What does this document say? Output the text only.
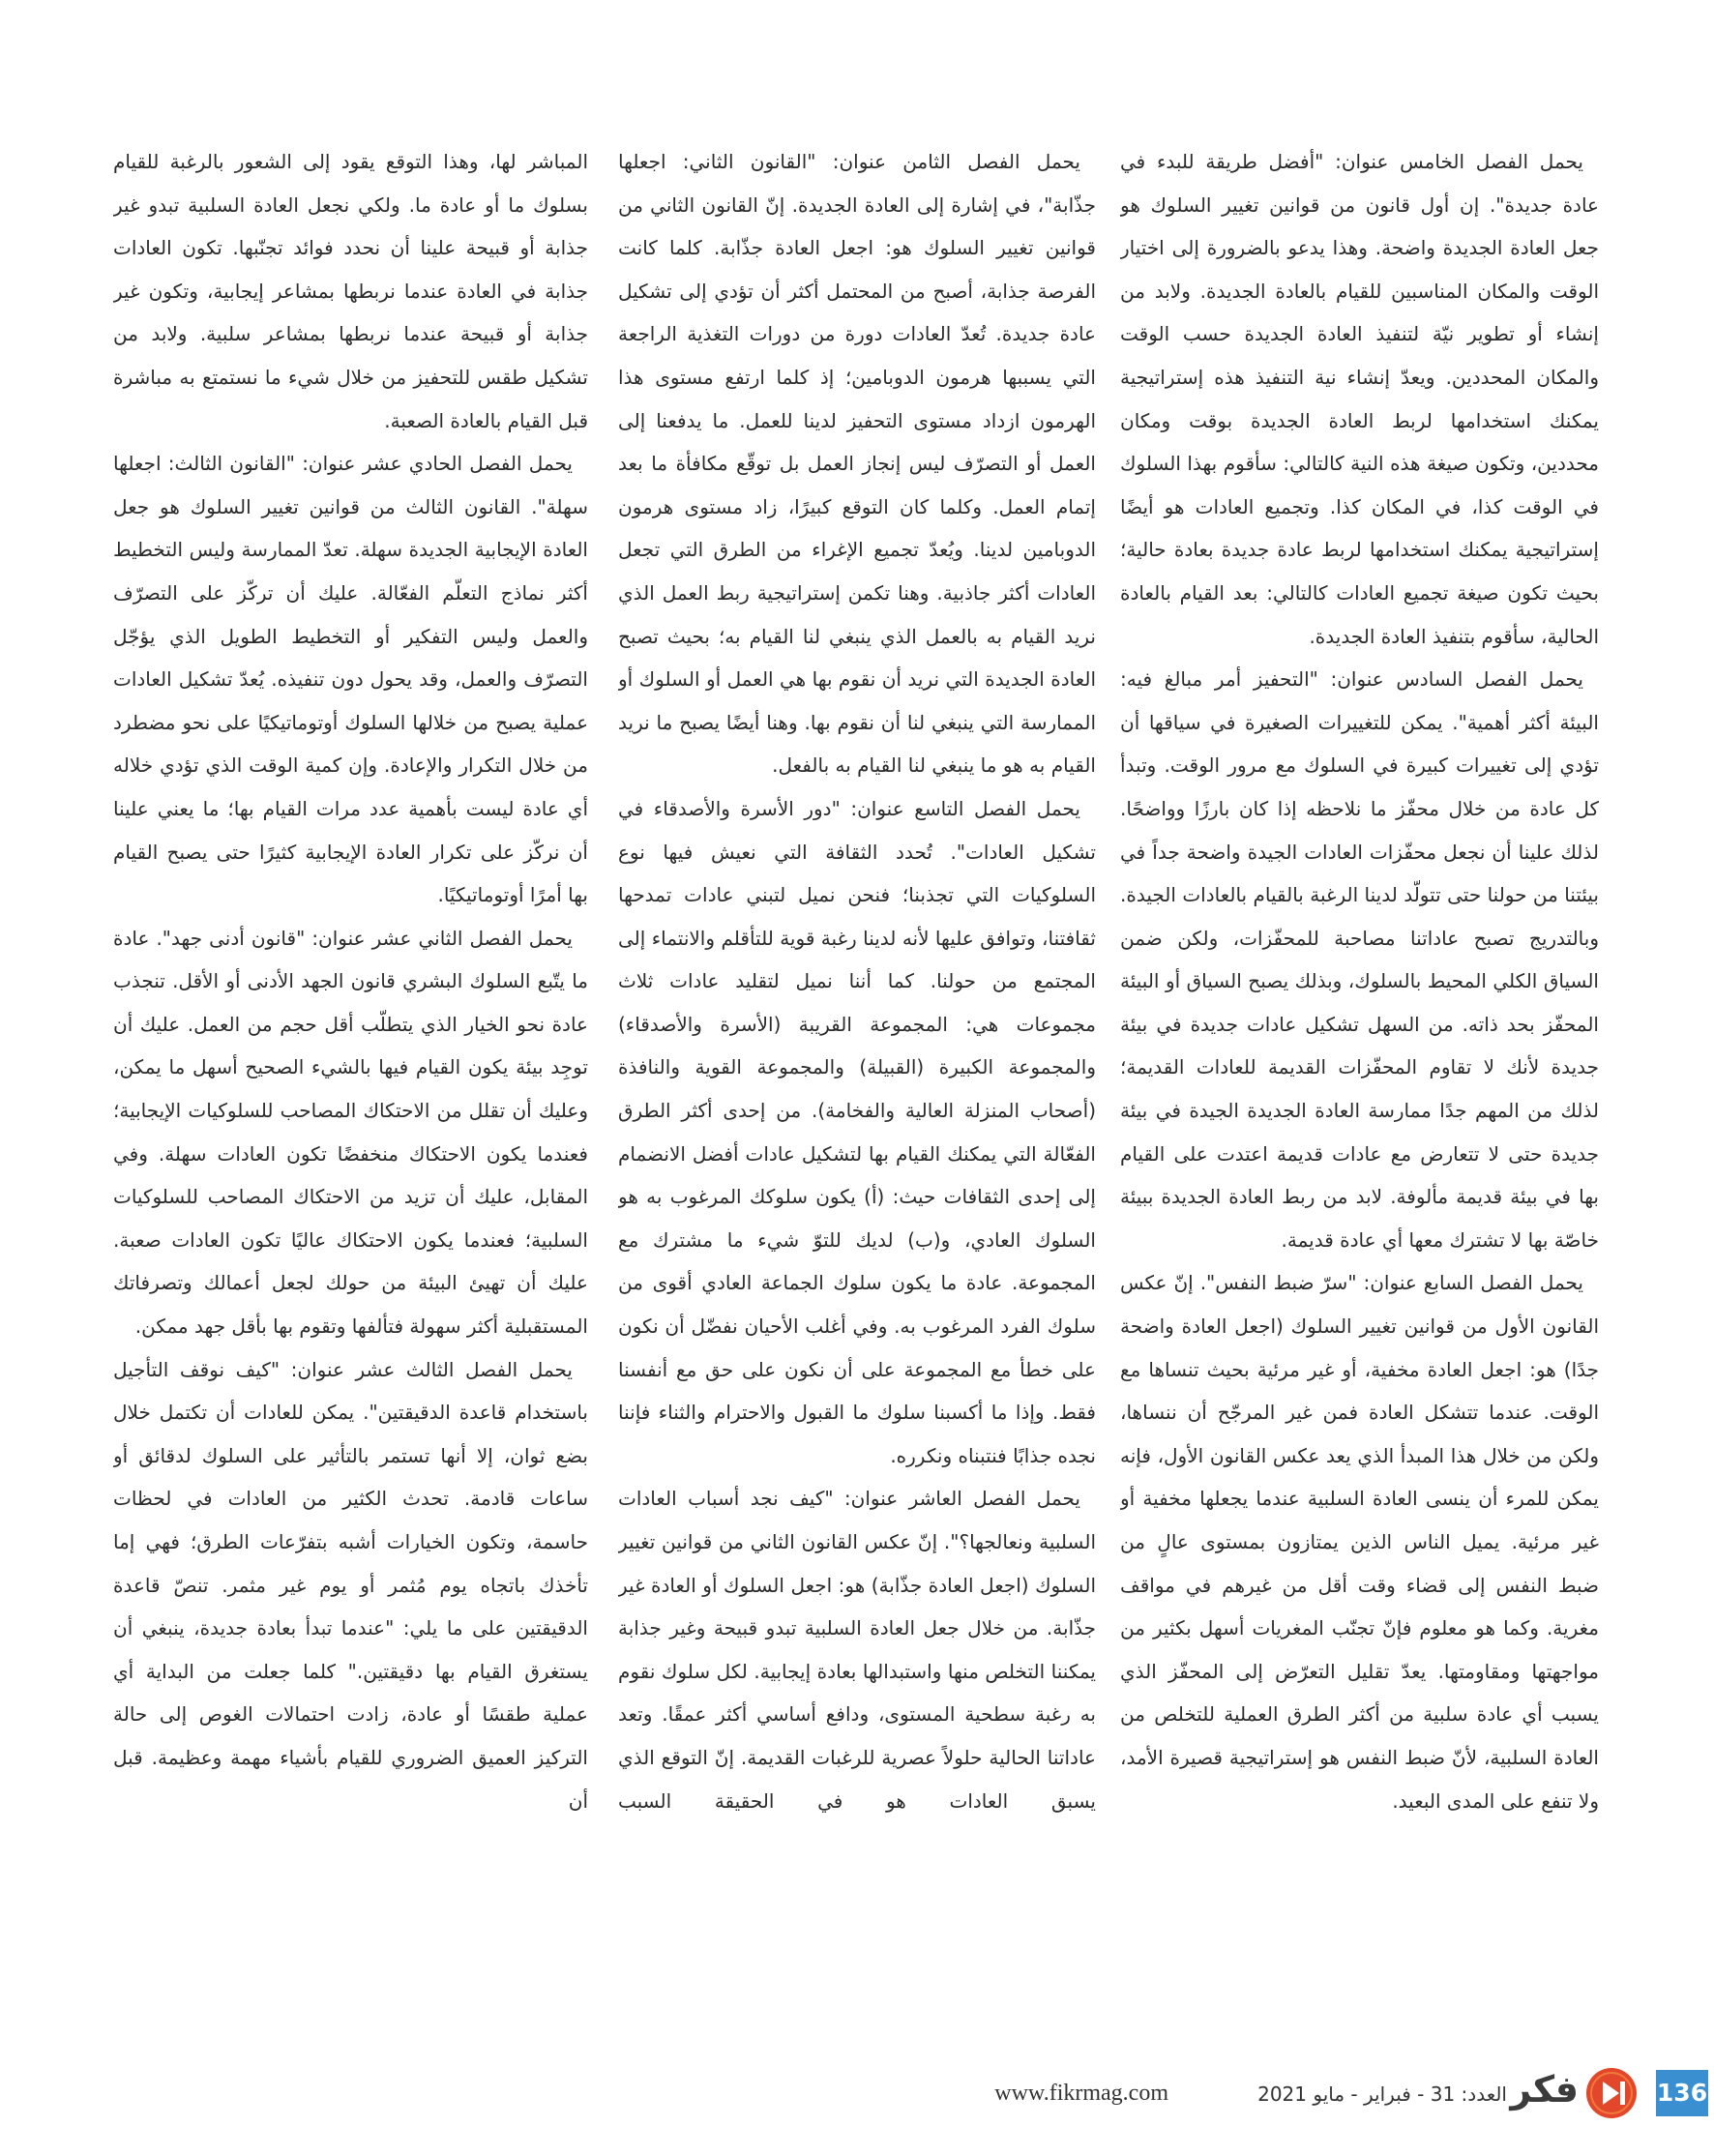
يحمل الفصل الخامس عنوان: "أفضل طريقة للبدء في عادة جديدة". إن أول قانون من قوانين تغيير السلوك هو جعل العادة الجديدة واضحة. وهذا يدعو بالضرورة إلى اختيار الوقت والمكان المناسبين للقيام بالعادة الجديدة. ولابد من إنشاء أو تطوير نيّة لتنفيذ العادة الجديدة حسب الوقت والمكان المحددين. ويعدّ إنشاء نية التنفيذ هذه إستراتيجية يمكنك استخدامها لربط العادة الجديدة بوقت ومكان محددين، وتكون صيغة هذه النية كالتالي: سأقوم بهذا السلوك في الوقت كذا، في المكان كذا. وتجميع العادات هو أيضًا إستراتيجية يمكنك استخدامها لربط عادة جديدة بعادة حالية؛ بحيث تكون صيغة تجميع العادات كالتالي: بعد القيام بالعادة الحالية، سأقوم بتنفيذ العادة الجديدة.

يحمل الفصل السادس عنوان: "التحفيز أمر مبالغ فيه: البيئة أكثر أهمية". يمكن للتغييرات الصغيرة في سياقها أن تؤدي إلى تغييرات كبيرة في السلوك مع مرور الوقت. وتبدأ كل عادة من خلال محفّز ما نلاحظه إذا كان بارزًا وواضحًا. لذلك علينا أن نجعل محفّزات العادات الجيدة واضحة جداً في بيئتنا من حولنا حتى تتولّد لدينا الرغبة بالقيام بالعادات الجيدة. وبالتدريج تصبح عاداتنا مصاحبة للمحفّزات، ولكن ضمن السياق الكلي المحيط بالسلوك، وبذلك يصبح السياق أو البيئة المحفّز بحد ذاته. من السهل تشكيل عادات جديدة في بيئة جديدة لأنك لا تقاوم المحفّزات القديمة للعادات القديمة؛ لذلك من المهم جدًا ممارسة العادة الجديدة الجيدة في بيئة جديدة حتى لا تتعارض مع عادات قديمة اعتدت على القيام بها في بيئة قديمة مألوفة. لابد من ربط العادة الجديدة ببيئة خاصّة بها لا تشترك معها أي عادة قديمة.

يحمل الفصل السابع عنوان: "سرّ ضبط النفس". إنّ عكس القانون الأول من قوانين تغيير السلوك (اجعل العادة واضحة جدًا) هو: اجعل العادة مخفية، أو غير مرئية بحيث تنساها مع الوقت. عندما تتشكل العادة فمن غير المرجّح أن ننساها، ولكن من خلال هذا المبدأ الذي يعد عكس القانون الأول، فإنه يمكن للمرء أن ينسى العادة السلبية عندما يجعلها مخفية أو غير مرئية. يميل الناس الذين يمتازون بمستوى عالٍ من ضبط النفس إلى قضاء وقت أقل من غيرهم في مواقف مغرية. وكما هو معلوم فإنّ تجنّب المغريات أسهل بكثير من مواجهتها ومقاومتها. يعدّ تقليل التعرّض إلى المحفّز الذي يسبب أي عادة سلبية من أكثر الطرق العملية للتخلص من العادة السلبية، لأنّ ضبط النفس هو إستراتيجية قصيرة الأمد، ولا تنفع على المدى البعيد.

يحمل الفصل الثامن عنوان: "القانون الثاني: اجعلها جذّابة"، في إشارة إلى العادة الجديدة. إنّ القانون الثاني من قوانين تغيير السلوك هو: اجعل العادة جذّابة. كلما كانت الفرصة جذابة، أصبح من المحتمل أكثر أن تؤدي إلى تشكيل عادة جديدة. تُعدّ العادات دورة من دورات التغذية الراجعة التي يسببها هرمون الدوبامين؛ إذ كلما ارتفع مستوى هذا الهرمون ازداد مستوى التحفيز لدينا للعمل. ما يدفعنا إلى العمل أو التصرّف ليس إنجاز العمل بل توقّع مكافأة ما بعد إتمام العمل. وكلما كان التوقع كبيرًا، زاد مستوى هرمون الدوبامين لدينا. ويُعدّ تجميع الإغراء من الطرق التي تجعل العادات أكثر جاذبية. وهنا تكمن إستراتيجية ربط العمل الذي نريد القيام به بالعمل الذي ينبغي لنا القيام به؛ بحيث تصبح العادة الجديدة التي نريد أن نقوم بها هي العمل أو السلوك أو الممارسة التي ينبغي لنا أن نقوم بها. وهنا أيضًا يصبح ما نريد القيام به هو ما ينبغي لنا القيام به بالفعل.

يحمل الفصل التاسع عنوان: "دور الأسرة والأصدقاء في تشكيل العادات". تُحدد الثقافة التي نعيش فيها نوع السلوكيات التي تجذبنا؛ فنحن نميل لتبني عادات تمدحها ثقافتنا، وتوافق عليها لأنه لدينا رغبة قوية للتأقلم والانتماء إلى المجتمع من حولنا. كما أننا نميل لتقليد عادات ثلاث مجموعات هي: المجموعة القريبة (الأسرة والأصدقاء) والمجموعة الكبيرة (القبيلة) والمجموعة القوية والنافذة (أصحاب المنزلة العالية والفخامة). من إحدى أكثر الطرق الفعّالة التي يمكنك القيام بها لتشكيل عادات أفضل الانضمام إلى إحدى الثقافات حيث: (أ) يكون سلوكك المرغوب به هو السلوك العادي، و(ب) لديك للتوّ شيء ما مشترك مع المجموعة. عادة ما يكون سلوك الجماعة العادي أقوى من سلوك الفرد المرغوب به. وفي أغلب الأحيان نفضّل أن نكون على خطأ مع المجموعة على أن نكون على حق مع أنفسنا فقط. وإذا ما أكسبنا سلوك ما القبول والاحترام والثناء فإننا نجده جذابًا فنتبناه ونكرره.

يحمل الفصل العاشر عنوان: "كيف نجد أسباب العادات السلبية ونعالجها؟". إنّ عكس القانون الثاني من قوانين تغيير السلوك (اجعل العادة جذّابة) هو: اجعل السلوك أو العادة غير جذّابة. من خلال جعل العادة السلبية تبدو قبيحة وغير جذابة يمكننا التخلص منها واستبدالها بعادة إيجابية. لكل سلوك نقوم به رغبة سطحية المستوى، ودافع أساسي أكثر عمقًا. وتعد عاداتنا الحالية حلولاً عصرية للرغبات القديمة. إنّ التوقع الذي يسبق العادات هو في الحقيقة السبب

المباشر لها، وهذا التوقع يقود إلى الشعور بالرغبة للقيام بسلوك ما أو عادة ما. ولكي نجعل العادة السلبية تبدو غير جذابة أو قبيحة علينا أن نحدد فوائد تجنّبها. تكون العادات جذابة في العادة عندما نربطها بمشاعر إيجابية، وتكون غير جذابة أو قبيحة عندما نربطها بمشاعر سلبية. ولابد من تشكيل طقس للتحفيز من خلال شيء ما نستمتع به مباشرة قبل القيام بالعادة الصعبة.

يحمل الفصل الحادي عشر عنوان: "القانون الثالث: اجعلها سهلة". القانون الثالث من قوانين تغيير السلوك هو جعل العادة الإيجابية الجديدة سهلة. تعدّ الممارسة وليس التخطيط أكثر نماذج التعلّم الفعّالة. عليك أن تركّز على التصرّف والعمل وليس التفكير أو التخطيط الطويل الذي يؤجّل التصرّف والعمل، وقد يحول دون تنفيذه. يُعدّ تشكيل العادات عملية يصبح من خلالها السلوك أوتوماتيكيًا على نحو مضطرد من خلال التكرار والإعادة. وإن كمية الوقت الذي تؤدي خلاله أي عادة ليست بأهمية عدد مرات القيام بها؛ ما يعني علينا أن نركّز على تكرار العادة الإيجابية كثيرًا حتى يصبح القيام بها أمرًا أوتوماتيكيًا.

يحمل الفصل الثاني عشر عنوان: "قانون أدنى جهد". عادة ما يتّبع السلوك البشري قانون الجهد الأدنى أو الأقل. تنجذب عادة نحو الخيار الذي يتطلّب أقل حجم من العمل. عليك أن توجِد بيئة يكون القيام فيها بالشيء الصحيح أسهل ما يمكن، وعليك أن تقلل من الاحتكاك المصاحب للسلوكيات الإيجابية؛ فعندما يكون الاحتكاك منخفضًا تكون العادات سهلة. وفي المقابل، عليك أن تزيد من الاحتكاك المصاحب للسلوكيات السلبية؛ فعندما يكون الاحتكاك عاليًا تكون العادات صعبة. عليك أن تهيئ البيئة من حولك لجعل أعمالك وتصرفاتك المستقبلية أكثر سهولة فتألفها وتقوم بها بأقل جهد ممكن.

يحمل الفصل الثالث عشر عنوان: "كيف نوقف التأجيل باستخدام قاعدة الدقيقتين". يمكن للعادات أن تكتمل خلال بضع ثوان، إلا أنها تستمر بالتأثير على السلوك لدقائق أو ساعات قادمة. تحدث الكثير من العادات في لحظات حاسمة، وتكون الخيارات أشبه بتفرّعات الطرق؛ فهي إما تأخذك باتجاه يوم مُثمر أو يوم غير مثمر. تنصّ قاعدة الدقيقتين على ما يلي: "عندما تبدأ بعادة جديدة، ينبغي أن يستغرق القيام بها دقيقتين." كلما جعلت من البداية أي عملية طقسًا أو عادة، زادت احتمالات الغوص إلى حالة التركيز العميق الضروري للقيام بأشياء مهمة وعظيمة. قبل أن

136
فكر
العدد: 31 - فبراير - مايو 2021
www.fikrmag.com
